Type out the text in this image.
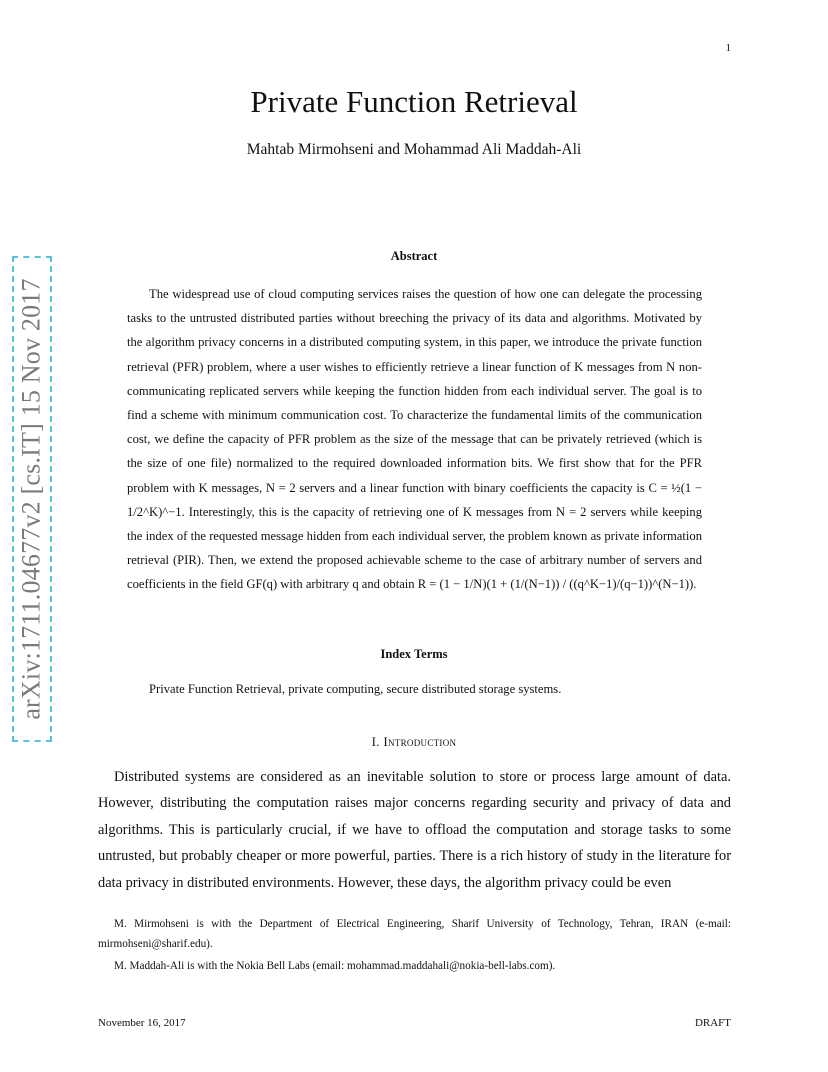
1
Private Function Retrieval
Mahtab Mirmohseni and Mohammad Ali Maddah-Ali
arXiv:1711.04677v2 [cs.IT] 15 Nov 2017
Abstract

The widespread use of cloud computing services raises the question of how one can delegate the processing tasks to the untrusted distributed parties without breeching the privacy of its data and algorithms. Motivated by the algorithm privacy concerns in a distributed computing system, in this paper, we introduce the private function retrieval (PFR) problem, where a user wishes to efficiently retrieve a linear function of K messages from N non-communicating replicated servers while keeping the function hidden from each individual server. The goal is to find a scheme with minimum communication cost. To characterize the fundamental limits of the communication cost, we define the capacity of PFR problem as the size of the message that can be privately retrieved (which is the size of one file) normalized to the required downloaded information bits. We first show that for the PFR problem with K messages, N = 2 servers and a linear function with binary coefficients the capacity is C = ½(1 − 1/2^K)^−1. Interestingly, this is the capacity of retrieving one of K messages from N = 2 servers while keeping the index of the requested message hidden from each individual server, the problem known as private information retrieval (PIR). Then, we extend the proposed achievable scheme to the case of arbitrary number of servers and coefficients in the field GF(q) with arbitrary q and obtain R = (1 − 1/N)(1 + (1/(N−1)) / ((q^K−1)/(q−1))^(N−1)).

Index Terms
Private Function Retrieval, private computing, secure distributed storage systems.
I. Introduction

Distributed systems are considered as an inevitable solution to store or process large amount of data. However, distributing the computation raises major concerns regarding security and privacy of data and algorithms. This is particularly crucial, if we have to offload the computation and storage tasks to some untrusted, but probably cheaper or more powerful, parties. There is a rich history of study in the literature for data privacy in distributed environments. However, these days, the algorithm privacy could be even

M. Mirmohseni is with the Department of Electrical Engineering, Sharif University of Technology, Tehran, IRAN (e-mail: mirmohseni@sharif.edu).

M. Maddah-Ali is with the Nokia Bell Labs (email: mohammad.maddahali@nokia-bell-labs.com).

November 16, 2017	DRAFT
